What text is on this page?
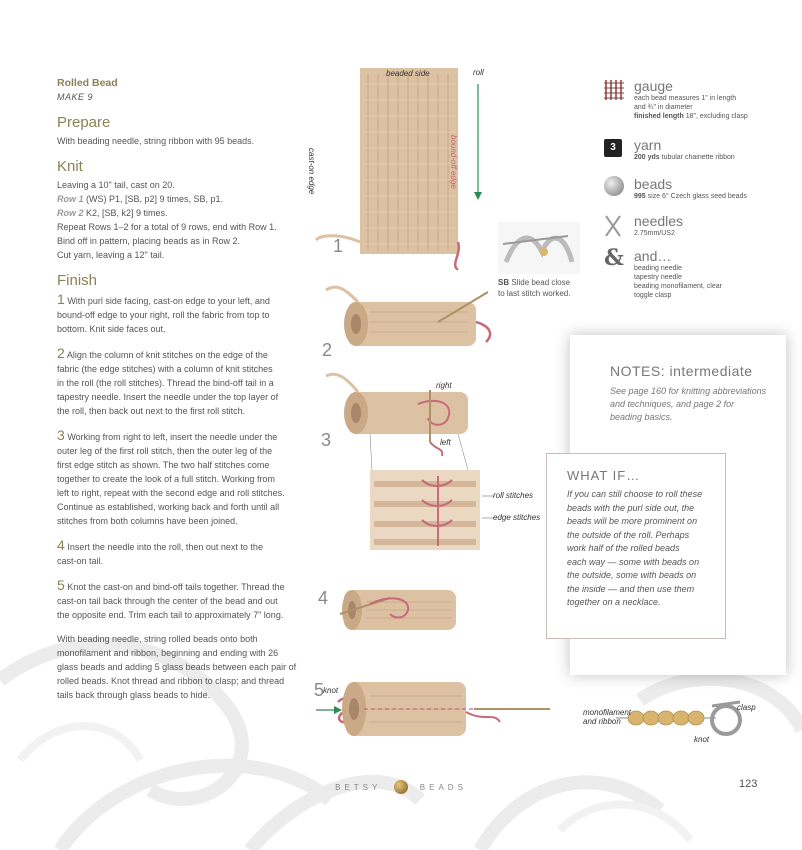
Rolled Bead
MAKE 9
Prepare
With beading needle, string ribbon with 95 beads.
Knit
Leaving a 10" tail, cast on 20.
Row 1 (WS) P1, [SB, p2] 9 times, SB, p1.
Row 2 K2, [SB, k2] 9 times.
Repeat Rows 1–2 for a total of 9 rows, end with Row 1.
Bind off in pattern, placing beads as in Row 2.
Cut yarn, leaving a 12" tail.
Finish
1 With purl side facing, cast-on edge to your left, and
bound-off edge to your right, roll the fabric from top to
bottom. Knit side faces out.
2 Align the column of knit stitches on the edge of the
fabric (the edge stitches) with a column of knit stitches
in the roll (the roll stitches). Thread the bind-off tail in a
tapestry needle. Insert the needle under the top layer of
the roll, then back out next to the first roll stitch.
3 Working from right to left, insert the needle under the
outer leg of the first roll stitch, then the outer leg of the
first edge stitch as shown. The two half stitches come
together to create the look of a full stitch. Working from
left to right, repeat with the second edge and roll stitches.
Continue as established, working back and forth until all
stitches from both columns have been joined.
4 Insert the needle into the roll, then out next to the
cast-on tail.
5 Knot the cast-on and bind-off tails together. Thread the
cast-on tail back through the center of the bead and out
the opposite end. Trim each tail to approximately 7" long.
With beading needle, string rolled beads onto both
monofilament and ribbon, beginning and ending with 26
glass beads and adding 5 glass beads between each pair of
rolled beads. Knot thread and ribbon to clasp; and thread
tails back through glass beads to hide.
beaded side	roll
cast-on edge	bound-off edge
1
SB Slide bead close
to last stitch worked.
2
right
left
3
roll stitches
edge stitches
4
5
knot
monofilament
and ribbon
clasp
knot
gauge
each bead measures 1" in length
and ¾" in diameter
finished length 18", excluding clasp
3	yarn
200 yds tubular chainette ribbon
beads
995 size 6° Czech glass seed beads
needles
2.75mm/US2
& and…
beading needle
tapestry needle
beading monofilament, clear
toggle clasp
NOTES: intermediate
See page 160 for knitting abbreviations
and techniques, and page 2 for
beading basics.
WHAT IF…
If you can still choose to roll these
beads with the purl side out, the
beads will be more prominent on
the outside of the roll. Perhaps
work half of the rolled beads
each way — some with beads on
the outside, some with beads on
the inside — and then use them
together on a necklace.
BETSY	BEADS	123
